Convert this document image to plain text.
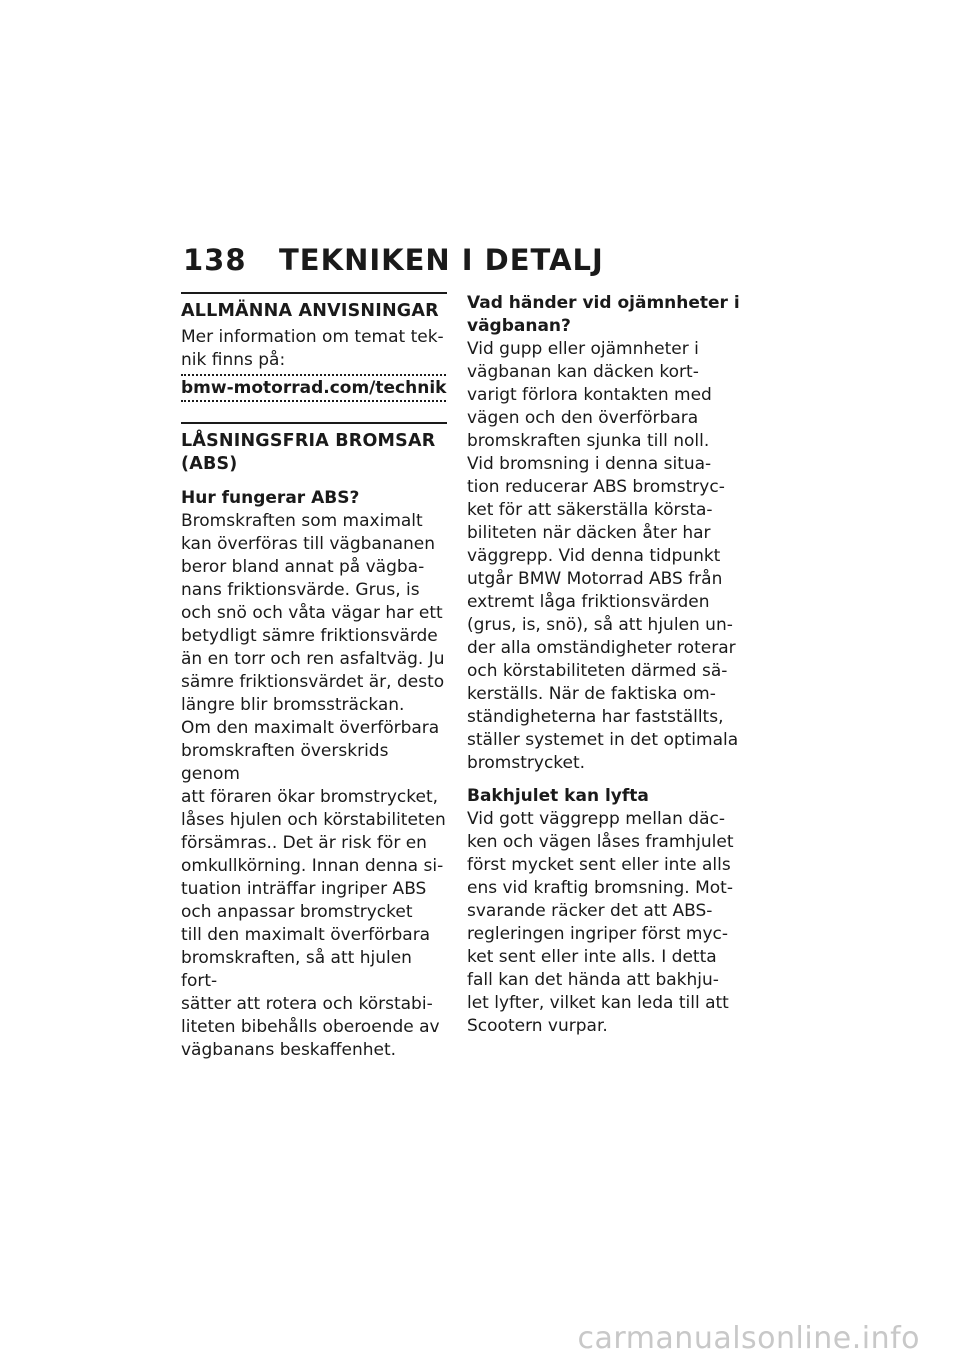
138	TEKNIKEN I DETALJ
ALLMÄNNA ANVISNINGAR
Mer information om temat tek-
nik finns på:
bmw-motorrad.com/technik
LÅSNINGSFRIA BROMSAR
(ABS)
Hur fungerar ABS?
Bromskraften som maximalt
kan överföras till vägbananen
beror bland annat på vägba-
nans friktionsvärde. Grus, is
och snö och våta vägar har ett
betydligt sämre friktionsvärde
än en torr och ren asfaltväg. Ju
sämre friktionsvärdet är, desto
längre blir bromssträckan.
Om den maximalt överförbara
bromskraften överskrids genom
att föraren ökar bromstrycket,
låses hjulen och körstabiliteten
försämras.. Det är risk för en
omkullkörning. Innan denna si-
tuation inträffar ingriper ABS
och anpassar bromstrycket
till den maximalt överförbara
bromskraften, så att hjulen fort-
sätter att rotera och körstabi-
liteten bibehålls oberoende av
vägbanans beskaffenhet.
Vad händer vid ojämnheter i
vägbanan?
Vid gupp eller ojämnheter i
vägbanan kan däcken kort-
varigt förlora kontakten med
vägen och den överförbara
bromskraften sjunka till noll.
Vid bromsning i denna situa-
tion reducerar ABS bromstryc-
ket för att säkerställa körsta-
biliteten när däcken åter har
väggrepp. Vid denna tidpunkt
utgår BMW Motorrad ABS från
extremt låga friktionsvärden
(grus, is, snö), så att hjulen un-
der alla omständigheter roterar
och körstabiliteten därmed sä-
kerställs. När de faktiska om-
ständigheterna har fastställts,
ställer systemet in det optimala
bromstrycket.
Bakhjulet kan lyfta
Vid gott väggrepp mellan däc-
ken och vägen låses framhjulet
först mycket sent eller inte alls
ens vid kraftig bromsning. Mot-
svarande räcker det att ABS-
regleringen ingriper först myc-
ket sent eller inte alls. I detta
fall kan det hända att bakhju-
let lyfter, vilket kan leda till att
Scootern vurpar.
carmanualsonline.info
